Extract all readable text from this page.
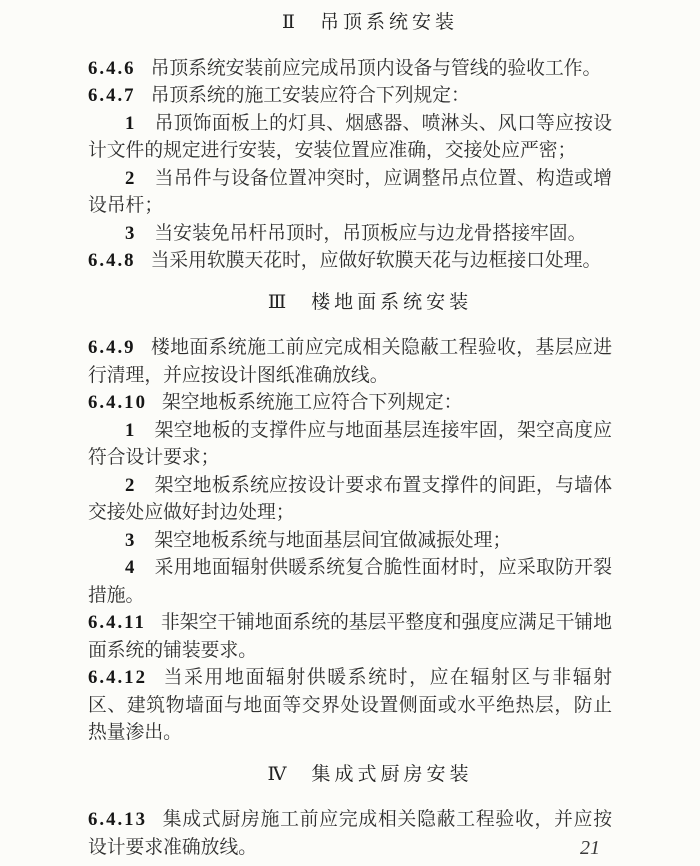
Ⅱ 吊顶系统安装

6.4.6 吊顶系统安装前应完成吊顶内设备与管线的验收工作。

6.4.7 吊顶系统的施工安装应符合下列规定：

1 吊顶饰面板上的灯具、烟感器、喷淋头、风口等应按设计文件的规定进行安装，安装位置应准确，交接处应严密；

2 当吊件与设备位置冲突时，应调整吊点位置、构造或增设吊杆；

3 当安装免吊杆吊顶时，吊顶板应与边龙骨搭接牢固。

6.4.8 当采用软膜天花时，应做好软膜天花与边框接口处理。

Ⅲ 楼地面系统安装

6.4.9 楼地面系统施工前应完成相关隐蔽工程验收，基层应进行清理，并应按设计图纸准确放线。

6.4.10 架空地板系统施工应符合下列规定：

1 架空地板的支撑件应与地面基层连接牢固，架空高度应符合设计要求；

2 架空地板系统应按设计要求布置支撑件的间距，与墙体交接处应做好封边处理；

3 架空地板系统与地面基层间宜做减振处理；

4 采用地面辐射供暖系统复合脆性面材时，应采取防开裂措施。

6.4.11 非架空干铺地面系统的基层平整度和强度应满足干铺地面系统的铺装要求。

6.4.12 当采用地面辐射供暖系统时，应在辐射区与非辐射区、建筑物墙面与地面等交界处设置侧面或水平绝热层，防止热量渗出。

Ⅳ 集成式厨房安装

6.4.13 集成式厨房施工前应完成相关隐蔽工程验收，并应按设计要求准确放线。	21
